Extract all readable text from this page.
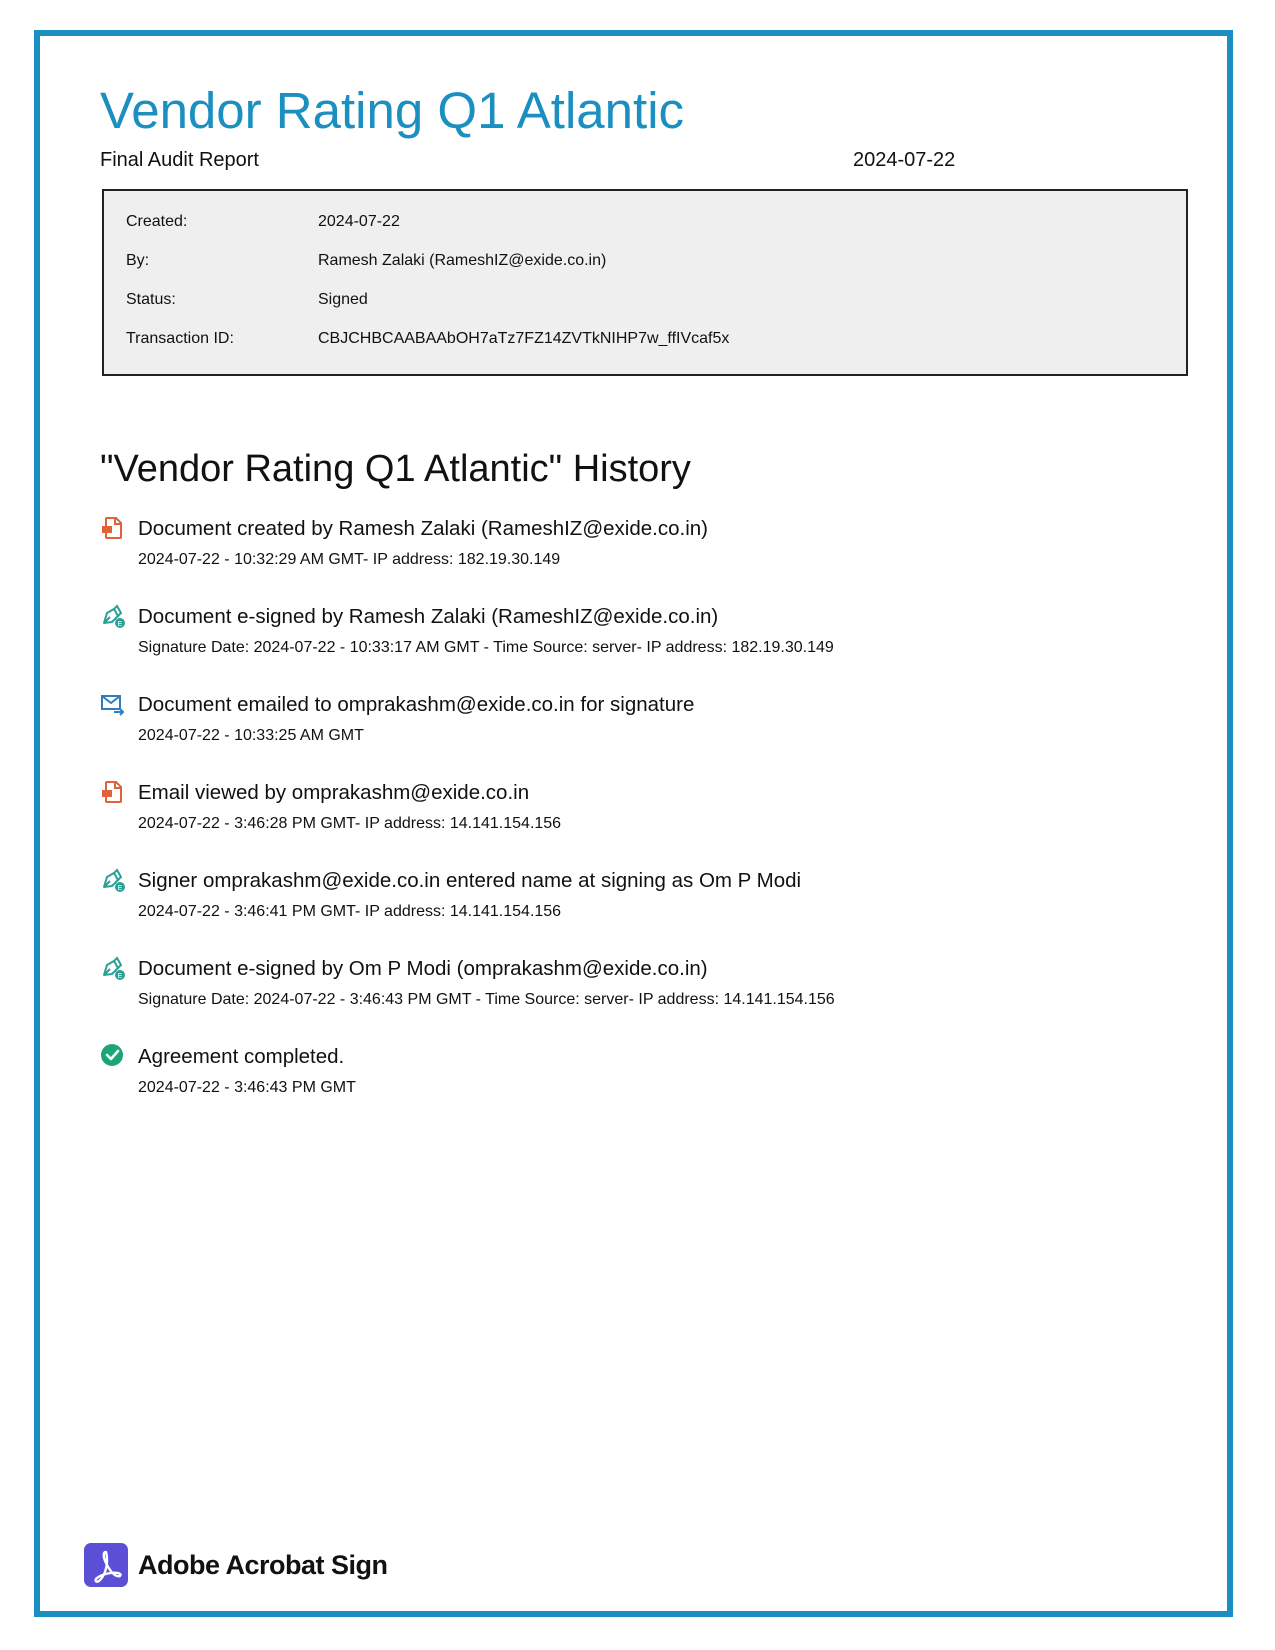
Vendor Rating Q1 Atlantic
Final Audit Report	2024-07-22
Created:	2024-07-22
By:	Ramesh Zalaki (RameshIZ@exide.co.in)
Status:	Signed
Transaction ID:	CBJCHBCAABAAbOH7aTz7FZ14ZVTkNIHP7w_ffIVcaf5x
"Vendor Rating Q1 Atlantic" History
Document created by Ramesh Zalaki (RameshIZ@exide.co.in)
2024-07-22 - 10:32:29 AM GMT- IP address: 182.19.30.149
E Document e-signed by Ramesh Zalaki (RameshIZ@exide.co.in)
Signature Date: 2024-07-22 - 10:33:17 AM GMT - Time Source: server- IP address: 182.19.30.149
Document emailed to omprakashm@exide.co.in for signature
2024-07-22 - 10:33:25 AM GMT
Email viewed by omprakashm@exide.co.in
2024-07-22 - 3:46:28 PM GMT- IP address: 14.141.154.156
E Signer omprakashm@exide.co.in entered name at signing as Om P Modi
2024-07-22 - 3:46:41 PM GMT- IP address: 14.141.154.156
E Document e-signed by Om P Modi (omprakashm@exide.co.in)
Signature Date: 2024-07-22 - 3:46:43 PM GMT - Time Source: server- IP address: 14.141.154.156
Agreement completed.
2024-07-22 - 3:46:43 PM GMT
Adobe Acrobat Sign
